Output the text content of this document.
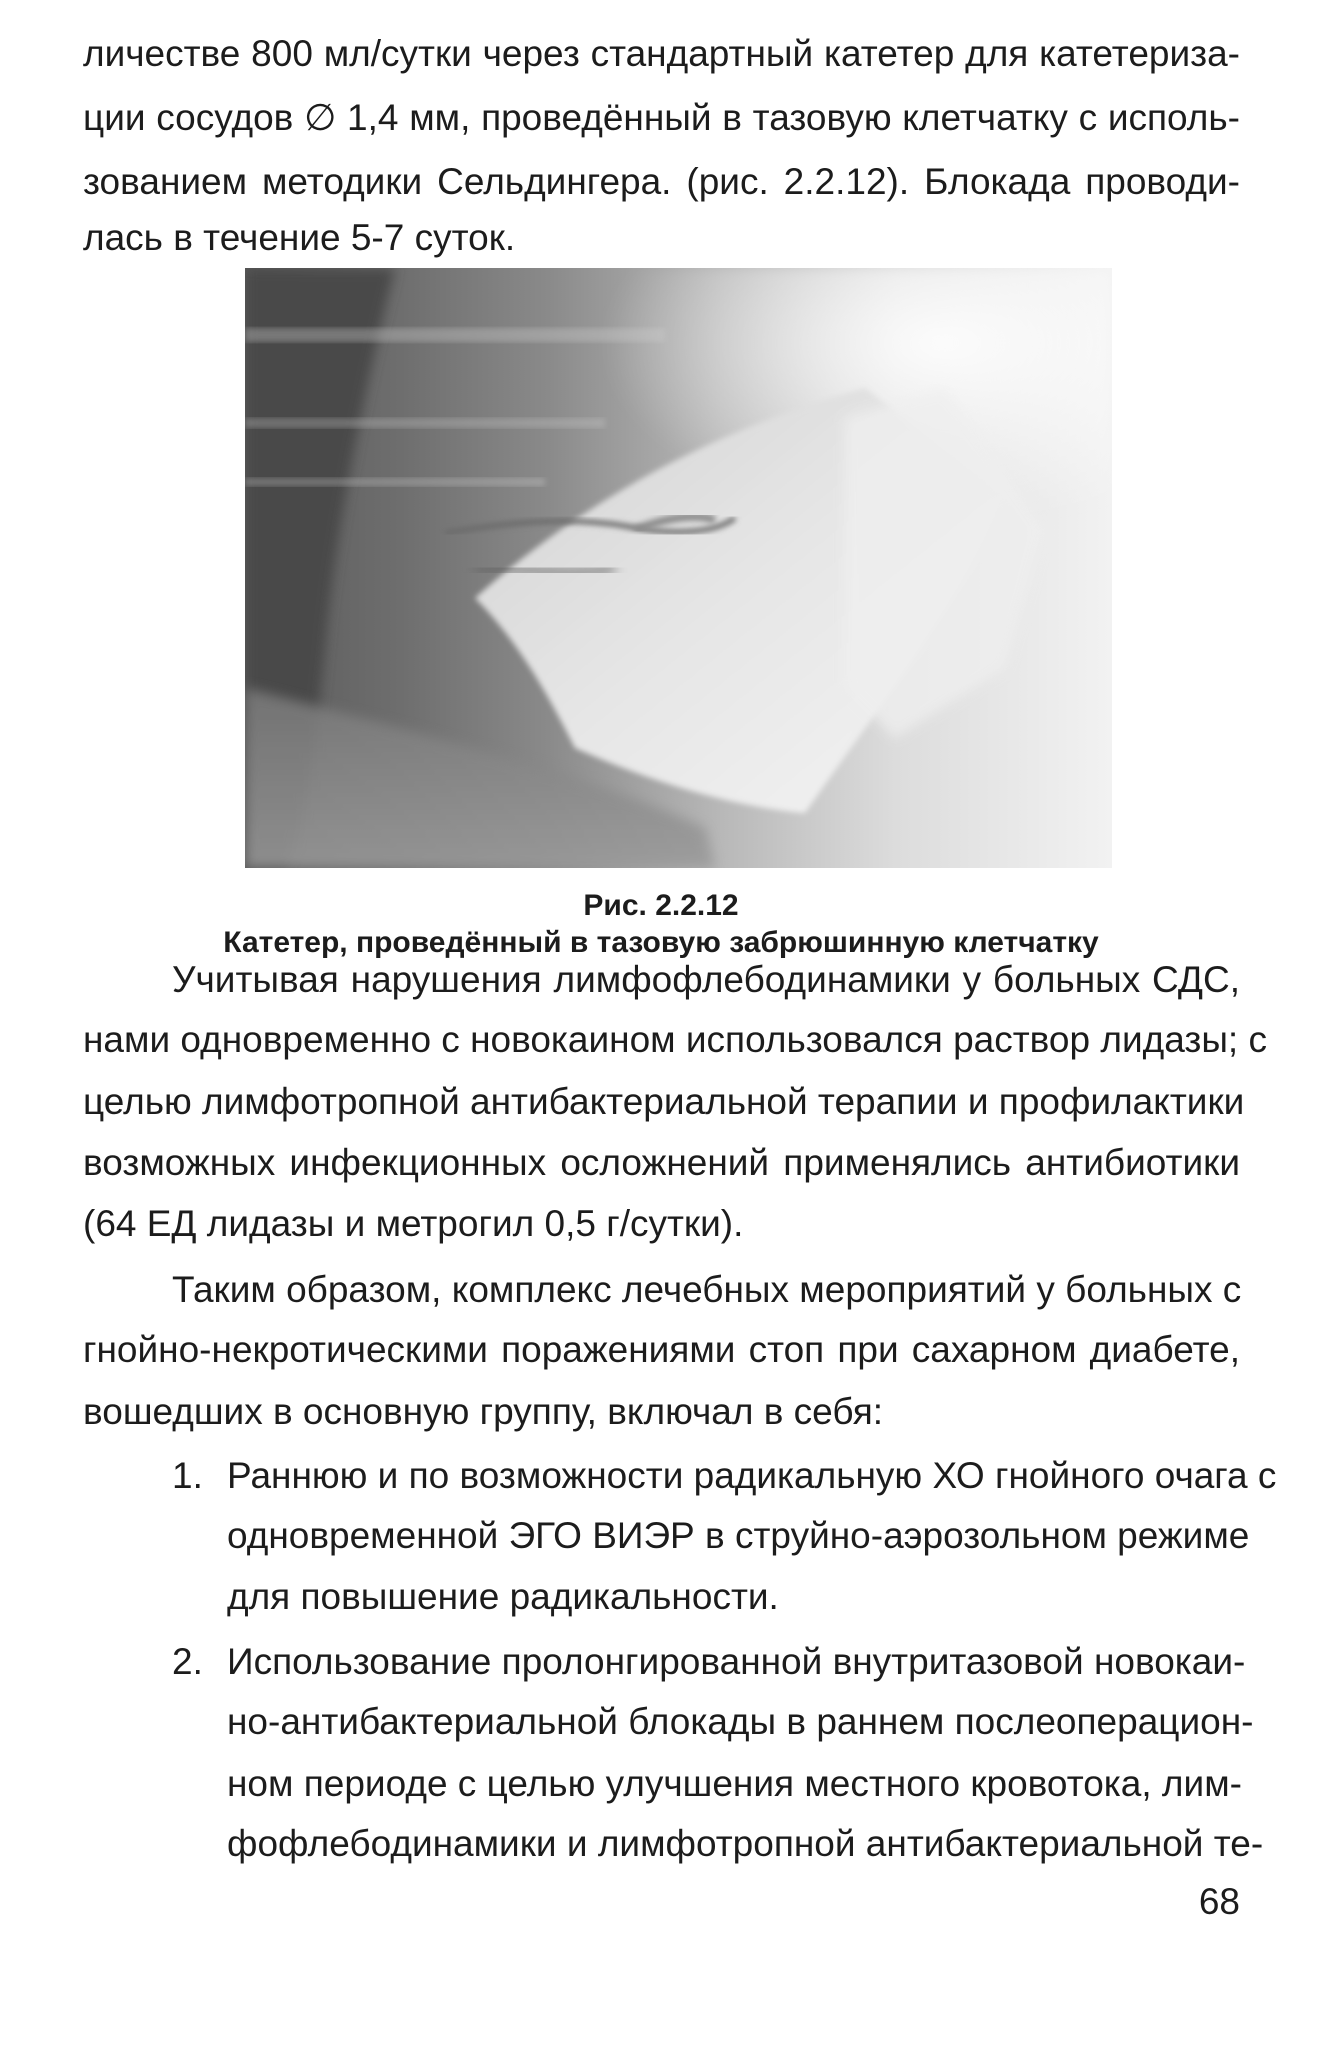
личестве 800 мл/сутки через стандартный катетер для катетериза-
ции сосудов ∅ 1,4 мм, проведённый в тазовую клетчатку с исполь-
зованием методики Сельдингера. (рис. 2.2.12). Блокада проводи-
лась в течение 5-7 суток.
Рис. 2.2.12
Катетер, проведённый в тазовую забрюшинную клетчатку
Учитывая нарушения лимфофлебодинамики у больных СДС,
нами одновременно с новокаином использовался раствор лидазы; с
целью лимфотропной антибактериальной терапии и профилактики
возможных инфекционных осложнений применялись антибиотики
(64 ЕД лидазы и метрогил 0,5 г/сутки).
Таким образом, комплекс лечебных мероприятий у больных с
гнойно-некротическими поражениями стоп при сахарном диабете,
вошедших в основную группу, включал в себя:
1. Раннюю и по возможности радикальную ХО гнойного очага с
одновременной ЭГО ВИЭР в струйно-аэрозольном режиме
для повышение радикальности.
2. Использование пролонгированной внутритазовой новокаи-
но-антибактериальной блокады в раннем послеоперацион-
ном периоде с целью улучшения местного кровотока, лим-
фофлебодинамики и лимфотропной антибактериальной те-
68
